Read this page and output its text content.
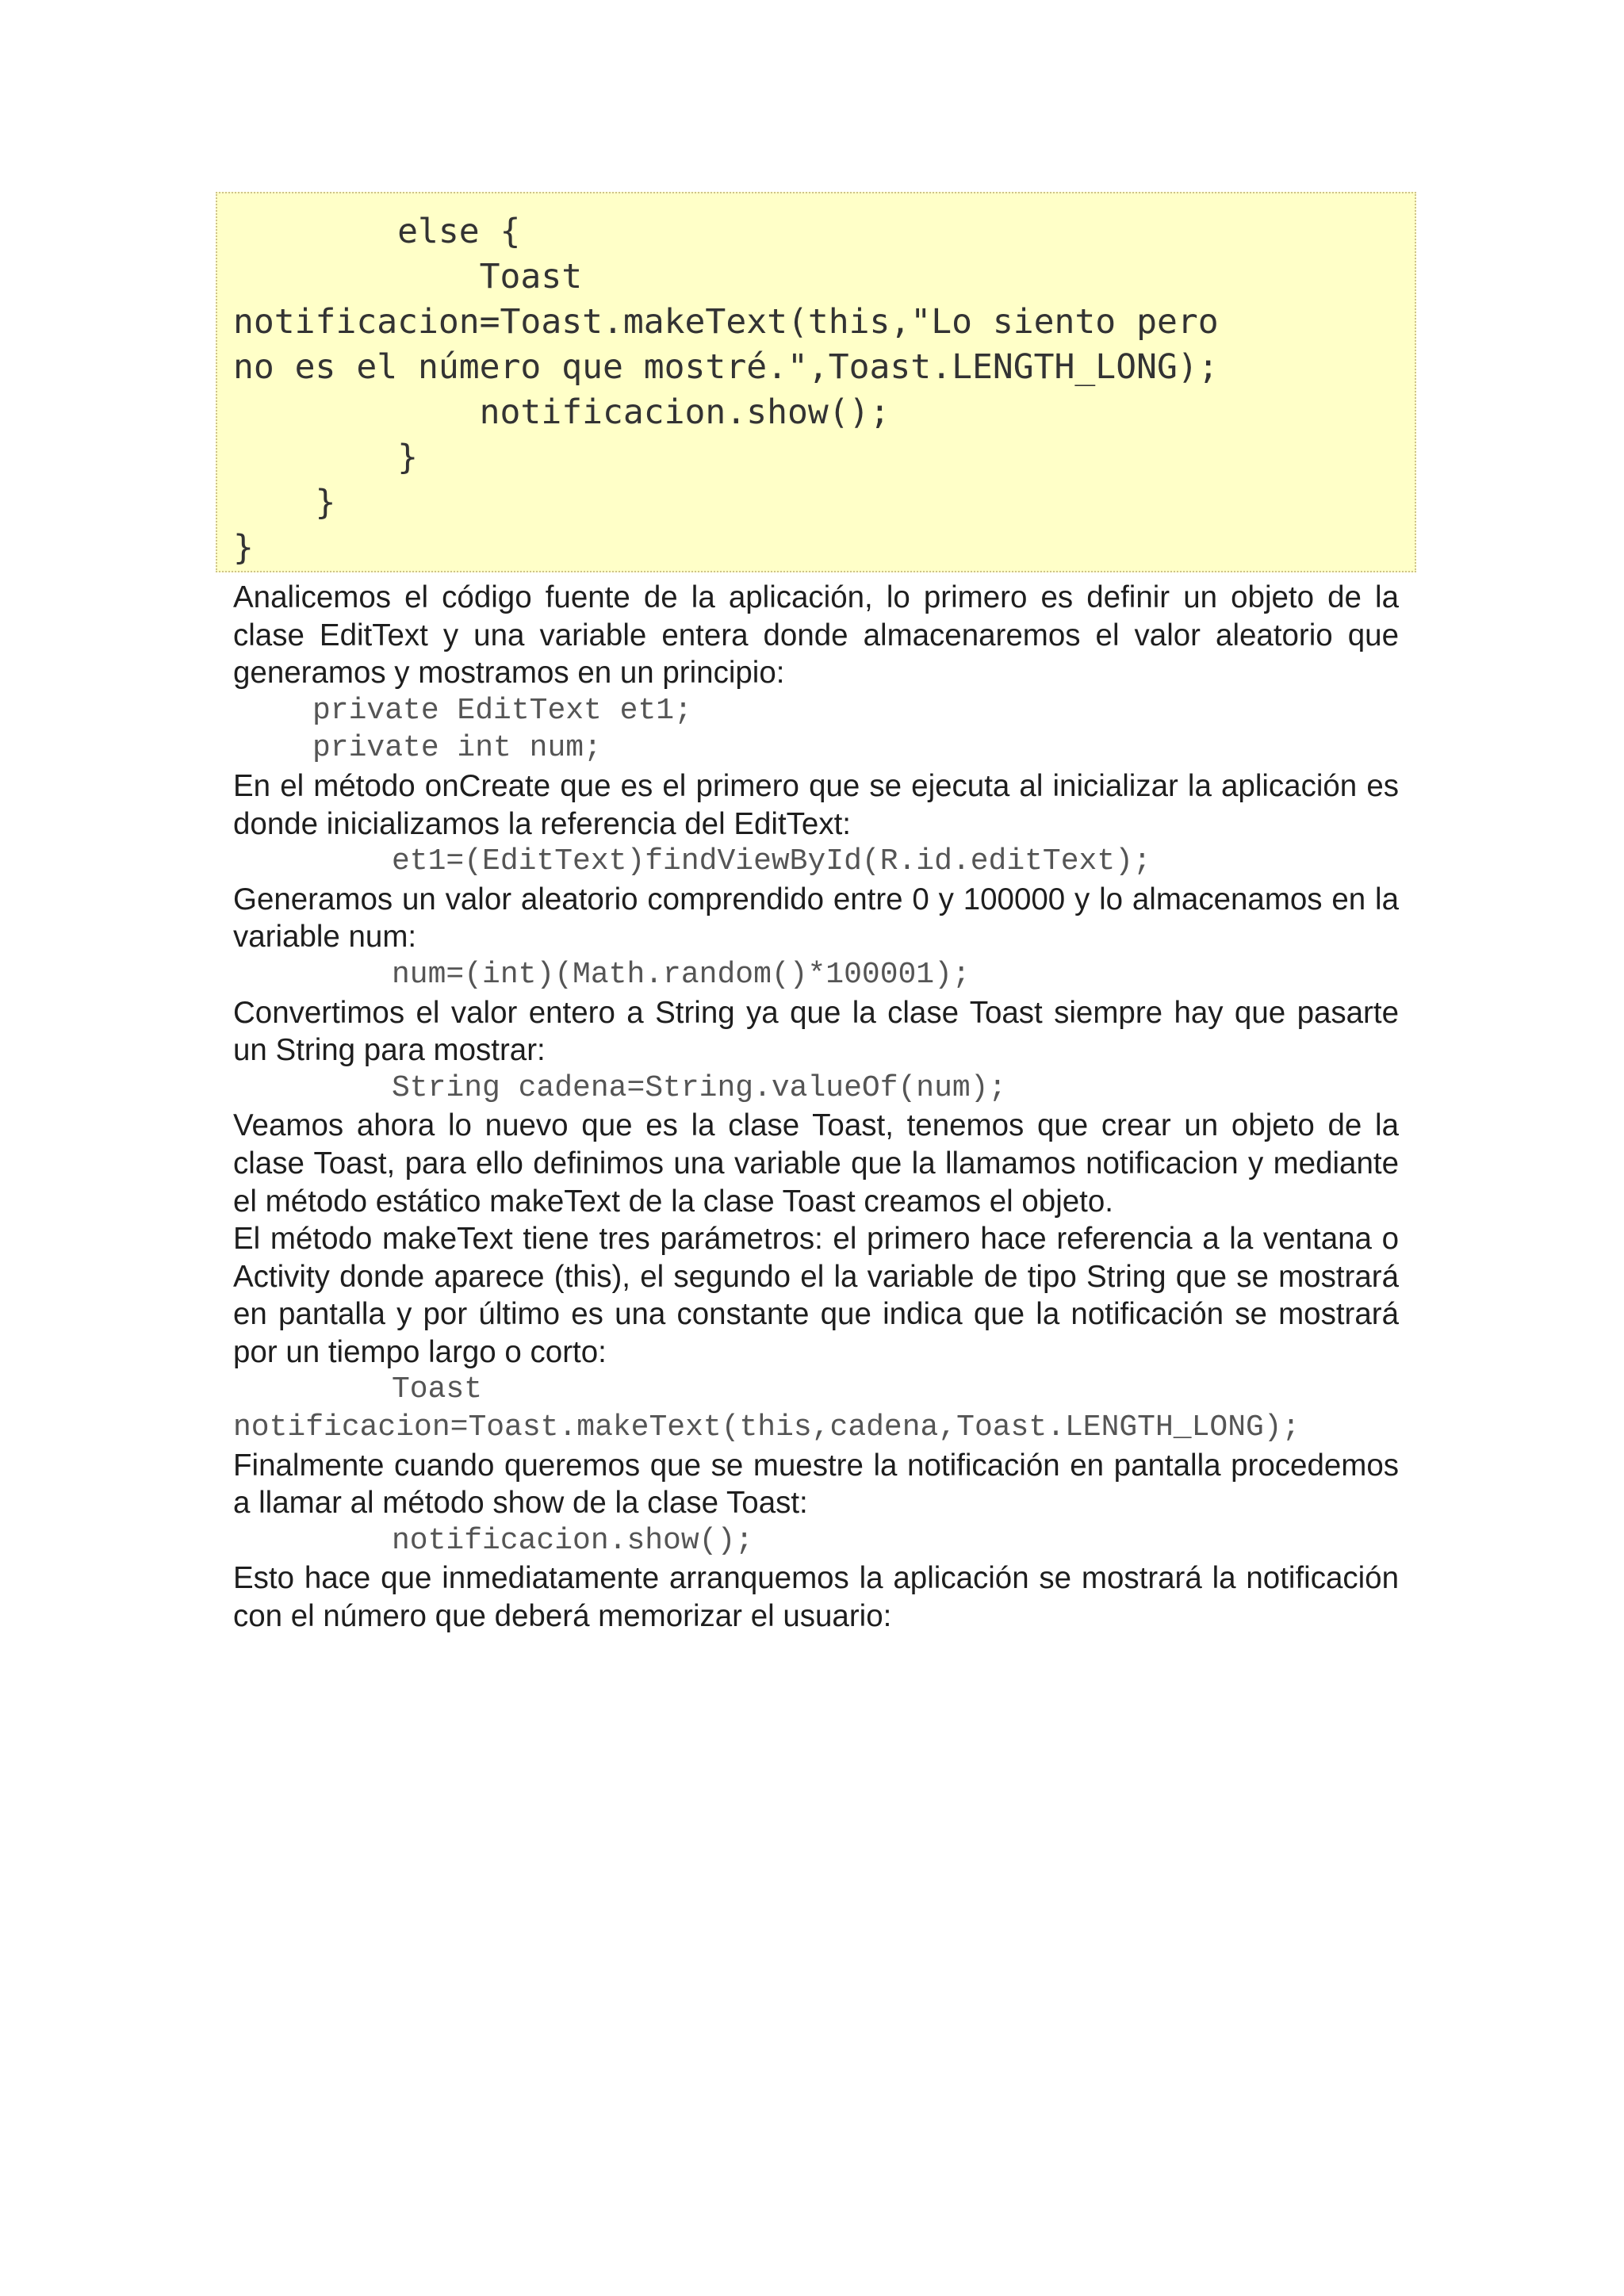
else {
Toast
notificacion=Toast.makeText(this,"Lo siento pero
no es el número que mostré.",Toast.LENGTH_LONG);
notificacion.show();
}
}
}

Analicemos el código fuente de la aplicación, lo primero es definir un objeto de la clase EditText y una variable entera donde almacenaremos el valor aleatorio que generamos y mostramos en un principio:

private EditText et1;
private int num;

En el método onCreate que es el primero que se ejecuta al inicializar la aplicación es donde inicializamos la referencia del EditText:

et1=(EditText)findViewById(R.id.editText);

Generamos un valor aleatorio comprendido entre 0 y 100000 y lo almacenamos en la variable num:

num=(int)(Math.random()*100001);

Convertimos el valor entero a String ya que la clase Toast siempre hay que pasarte un String para mostrar:

String cadena=String.valueOf(num);

Veamos ahora lo nuevo que es la clase Toast, tenemos que crear un objeto de la clase Toast, para ello definimos una variable que la llamamos notificacion y mediante el método estático makeText de la clase Toast creamos el objeto.

El método makeText tiene tres parámetros: el primero hace referencia a la ventana o Activity donde aparece (this), el segundo el la variable de tipo String que se mostrará en pantalla y por último es una constante que indica que la notificación se mostrará por un tiempo largo o corto:

Toast
notificacion=Toast.makeText(this,cadena,Toast.LENGTH_LONG);

Finalmente cuando queremos que se muestre la notificación en pantalla procedemos a llamar al método show de la clase Toast:

notificacion.show();

Esto hace que inmediatamente arranquemos la aplicación se mostrará la notificación con el número que deberá memorizar el usuario:
